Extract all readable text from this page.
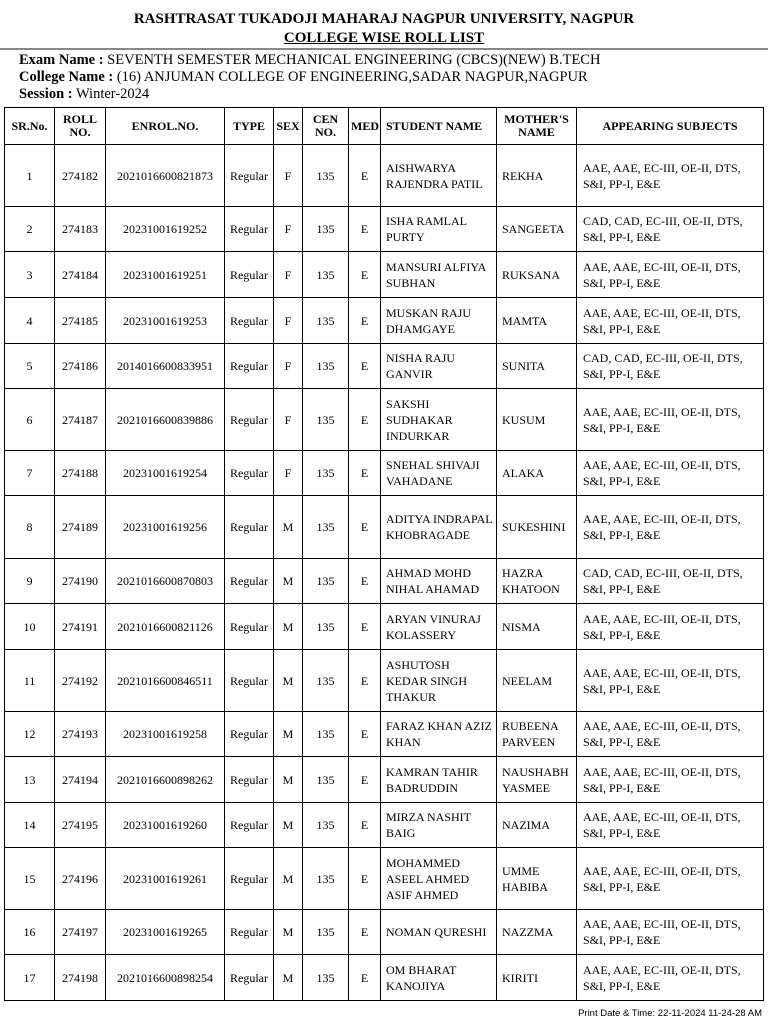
RASHTRASAT TUKADOJI MAHARAJ NAGPUR UNIVERSITY, NAGPUR
COLLEGE WISE ROLL LIST
Exam Name : SEVENTH SEMESTER MECHANICAL ENGINEERING (CBCS)(NEW) B.TECH
College Name : (16) ANJUMAN COLLEGE OF ENGINEERING,SADAR NAGPUR,NAGPUR
Session : Winter-2024
SR.No.	ROLL NO.	ENROL.NO.	TYPE	SEX	CEN NO.	MED	STUDENT NAME	MOTHER'S NAME	APPEARING SUBJECTS
1	274182	2021016600821873	Regular	F	135	E	AISHWARYA RAJENDRA PATIL	REKHA	AAE, AAE, EC-III, OE-II, DTS, S&I, PP-I, E&E
2	274183	20231001619252	Regular	F	135	E	ISHA RAMLAL PURTY	SANGEETA	CAD, CAD, EC-III, OE-II, DTS, S&I, PP-I, E&E
3	274184	20231001619251	Regular	F	135	E	MANSURI ALFIYA SUBHAN	RUKSANA	AAE, AAE, EC-III, OE-II, DTS, S&I, PP-I, E&E
4	274185	20231001619253	Regular	F	135	E	MUSKAN RAJU DHAMGAYE	MAMTA	AAE, AAE, EC-III, OE-II, DTS, S&I, PP-I, E&E
5	274186	2014016600833951	Regular	F	135	E	NISHA RAJU GANVIR	SUNITA	CAD, CAD, EC-III, OE-II, DTS, S&I, PP-I, E&E
6	274187	2021016600839886	Regular	F	135	E	SAKSHI SUDHAKAR INDURKAR	KUSUM	AAE, AAE, EC-III, OE-II, DTS, S&I, PP-I, E&E
7	274188	20231001619254	Regular	F	135	E	SNEHAL SHIVAJI VAHADANE	ALAKA	AAE, AAE, EC-III, OE-II, DTS, S&I, PP-I, E&E
8	274189	20231001619256	Regular	M	135	E	ADITYA INDRAPAL KHOBRAGADE	SUKESHINI	AAE, AAE, EC-III, OE-II, DTS, S&I, PP-I, E&E
9	274190	2021016600870803	Regular	M	135	E	AHMAD MOHD NIHAL AHAMAD	HAZRA KHATOON	CAD, CAD, EC-III, OE-II, DTS, S&I, PP-I, E&E
10	274191	2021016600821126	Regular	M	135	E	ARYAN VINURAJ KOLASSERY	NISMA	AAE, AAE, EC-III, OE-II, DTS, S&I, PP-I, E&E
11	274192	2021016600846511	Regular	M	135	E	ASHUTOSH KEDAR SINGH THAKUR	NEELAM	AAE, AAE, EC-III, OE-II, DTS, S&I, PP-I, E&E
12	274193	20231001619258	Regular	M	135	E	FARAZ KHAN AZIZ KHAN	RUBEENA PARVEEN	AAE, AAE, EC-III, OE-II, DTS, S&I, PP-I, E&E
13	274194	2021016600898262	Regular	M	135	E	KAMRAN TAHIR BADRUDDIN	NAUSHABH YASMEE	AAE, AAE, EC-III, OE-II, DTS, S&I, PP-I, E&E
14	274195	20231001619260	Regular	M	135	E	MIRZA NASHIT BAIG	NAZIMA	AAE, AAE, EC-III, OE-II, DTS, S&I, PP-I, E&E
15	274196	20231001619261	Regular	M	135	E	MOHAMMED ASEEL AHMED ASIF AHMED	UMME HABIBA	AAE, AAE, EC-III, OE-II, DTS, S&I, PP-I, E&E
16	274197	20231001619265	Regular	M	135	E	NOMAN QURESHI	NAZZMA	AAE, AAE, EC-III, OE-II, DTS, S&I, PP-I, E&E
17	274198	2021016600898254	Regular	M	135	E	OM BHARAT KANOJIYA	KIRITI	AAE, AAE, EC-III, OE-II, DTS, S&I, PP-I, E&E
Print Date & Time: 22-11-2024 11-24-28 AM
